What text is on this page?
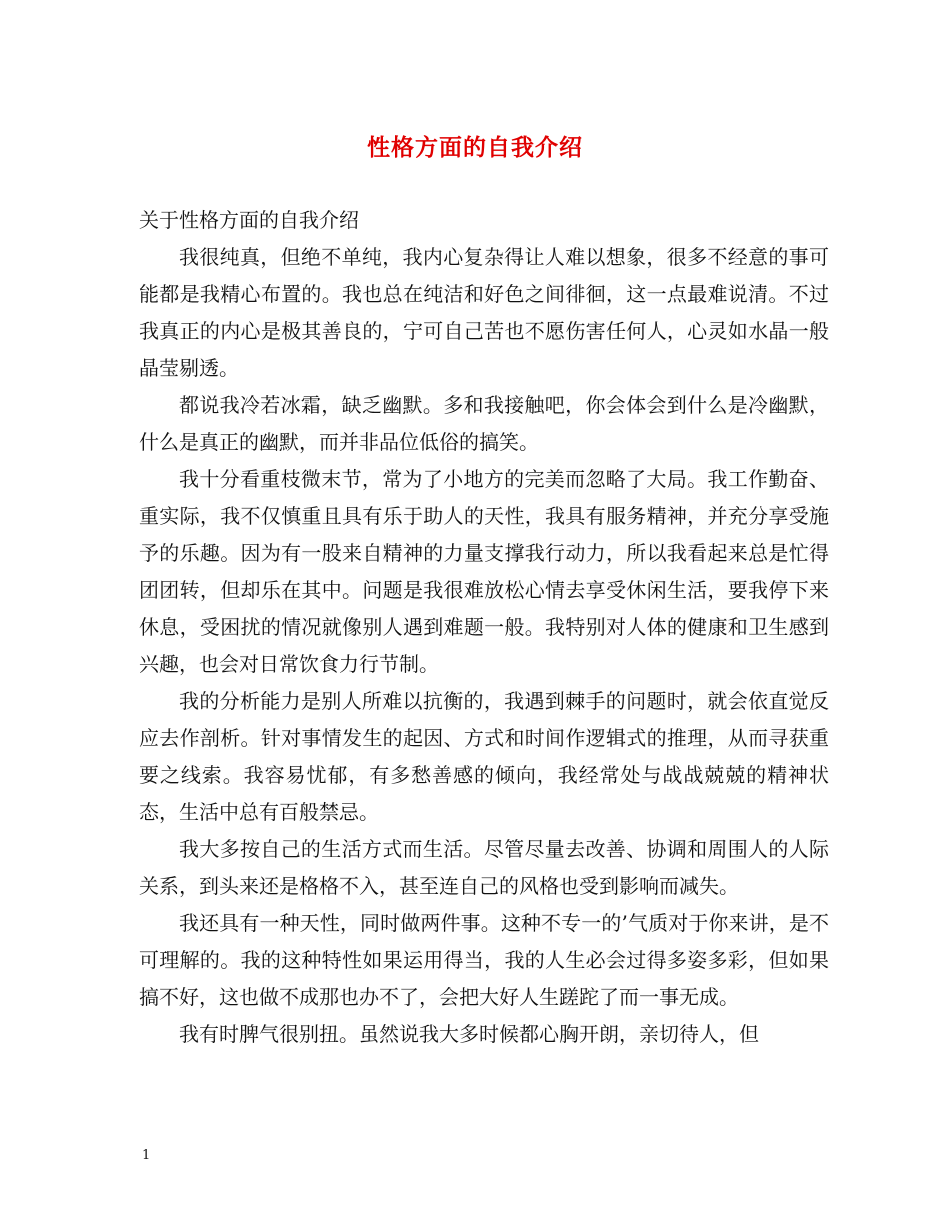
性格方面的自我介绍

关于性格方面的自我介绍

我很纯真，但绝不单纯，我内心复杂得让人难以想象，很多不经意的事可能都是我精心布置的。我也总在纯洁和好色之间徘徊，这一点最难说清。不过我真正的内心是极其善良的，宁可自己苦也不愿伤害任何人，心灵如水晶一般晶莹剔透。

都说我冷若冰霜，缺乏幽默。多和我接触吧，你会体会到什么是冷幽默，什么是真正的幽默，而并非品位低俗的搞笑。

我十分看重枝微末节，常为了小地方的完美而忽略了大局。我工作勤奋、重实际，我不仅慎重且具有乐于助人的天性，我具有服务精神，并充分享受施予的乐趣。因为有一股来自精神的力量支撑我行动力，所以我看起来总是忙得团团转，但却乐在其中。问题是我很难放松心情去享受休闲生活，要我停下来休息，受困扰的情况就像别人遇到难题一般。我特别对人体的健康和卫生感到兴趣，也会对日常饮食力行节制。

我的分析能力是别人所难以抗衡的，我遇到棘手的问题时，就会依直觉反应去作剖析。针对事情发生的起因、方式和时间作逻辑式的推理，从而寻获重要之线索。我容易忧郁，有多愁善感的倾向，我经常处与战战兢兢的精神状态，生活中总有百般禁忌。

我大多按自己的生活方式而生活。尽管尽量去改善、协调和周围人的人际关系，到头来还是格格不入，甚至连自己的风格也受到影响而减失。

我还具有一种天性，同时做两件事。这种不专一的’气质对于你来讲，是不可理解的。我的这种特性如果运用得当，我的人生必会过得多姿多彩，但如果搞不好，这也做不成那也办不了，会把大好人生蹉跎了而一事无成。

我有时脾气很别扭。虽然说我大多时候都心胸开朗，亲切待人，但

1
